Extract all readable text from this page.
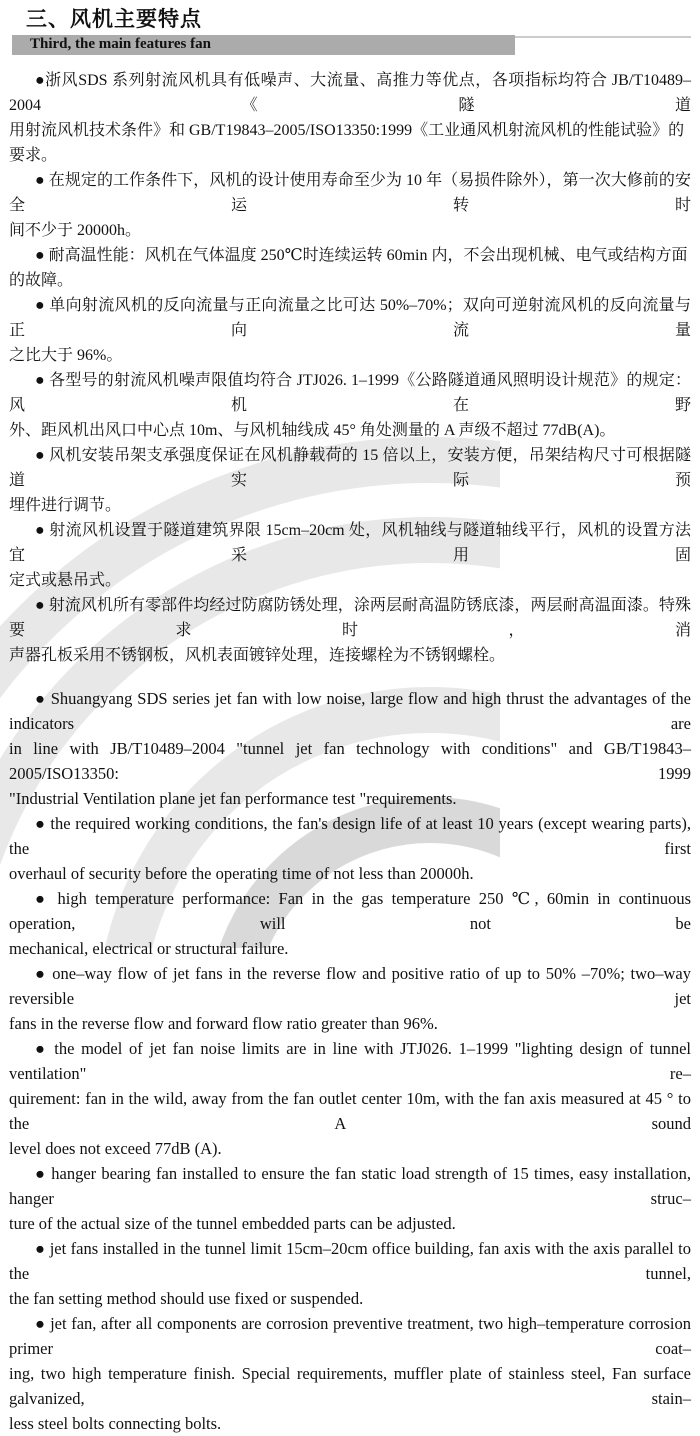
三、风机主要特点
Third, the main features fan
●浙风SDS 系列射流风机具有低噪声、大流量、高推力等优点，各项指标均符合 JB/T10489–2004《隧道
用射流风机技术条件》和 GB/T19843–2005/ISO13350:1999《工业通风机射流风机的性能试验》的要求。
● 在规定的工作条件下，风机的设计使用寿命至少为 10 年（易损件除外），第一次大修前的安全运转时
间不少于 20000h。
● 耐高温性能：风机在气体温度 250℃时连续运转 60min 内，不会出现机械、电气或结构方面的故障。
● 单向射流风机的反向流量与正向流量之比可达 50%–70%；双向可逆射流风机的反向流量与正向流量
之比大于 96%。
● 各型号的射流风机噪声限值均符合 JTJ026. 1–1999《公路隧道通风照明设计规范》的规定：风机在野
外、距风机出风口中心点 10m、与风机轴线成 45° 角处测量的 A 声级不超过 77dB(A)。
● 风机安装吊架支承强度保证在风机静载荷的 15 倍以上，安装方便，吊架结构尺寸可根据隧道实际预
埋件进行调节。
● 射流风机设置于隧道建筑界限 15cm–20cm 处，风机轴线与隧道轴线平行，风机的设置方法宜采用固
定式或悬吊式。
● 射流风机所有零部件均经过防腐防锈处理，涂两层耐高温防锈底漆，两层耐高温面漆。特殊要求时，消
声器孔板采用不锈钢板，风机表面镀锌处理，连接螺栓为不锈钢螺栓。
● Shuangyang SDS series jet fan with low noise, large flow and high thrust the advantages of the indicators are
in line with JB/T10489–2004 "tunnel jet fan technology with conditions" and GB/T19843–2005/ISO13350: 1999
"Industrial Ventilation plane jet fan performance test "requirements.
● the required working conditions, the fan's design life of at least 10 years (except wearing parts), the first
overhaul of security before the operating time of not less than 20000h.
● high temperature performance: Fan in the gas temperature 250 ℃, 60min in continuous operation, will not be
mechanical, electrical or structural failure.
● one–way flow of jet fans in the reverse flow and positive ratio of up to 50% –70%; two–way reversible jet
fans in the reverse flow and forward flow ratio greater than 96%.
● the model of jet fan noise limits are in line with JTJ026. 1–1999 "lighting design of tunnel ventilation" re–
quirement: fan in the wild, away from the fan outlet center 10m, with the fan axis measured at 45 ° to the A sound
level does not exceed 77dB (A).
● hanger bearing fan installed to ensure the fan static load strength of 15 times, easy installation, hanger struc–
ture of the actual size of the tunnel embedded parts can be adjusted.
● jet fans installed in the tunnel limit 15cm–20cm office building, fan axis with the axis parallel to the tunnel,
the fan setting method should use fixed or suspended.
● jet fan, after all components are corrosion preventive treatment, two high–temperature corrosion primer coat–
ing, two high temperature finish. Special requirements, muffler plate of stainless steel, Fan surface galvanized, stain–
less steel bolts connecting bolts.
